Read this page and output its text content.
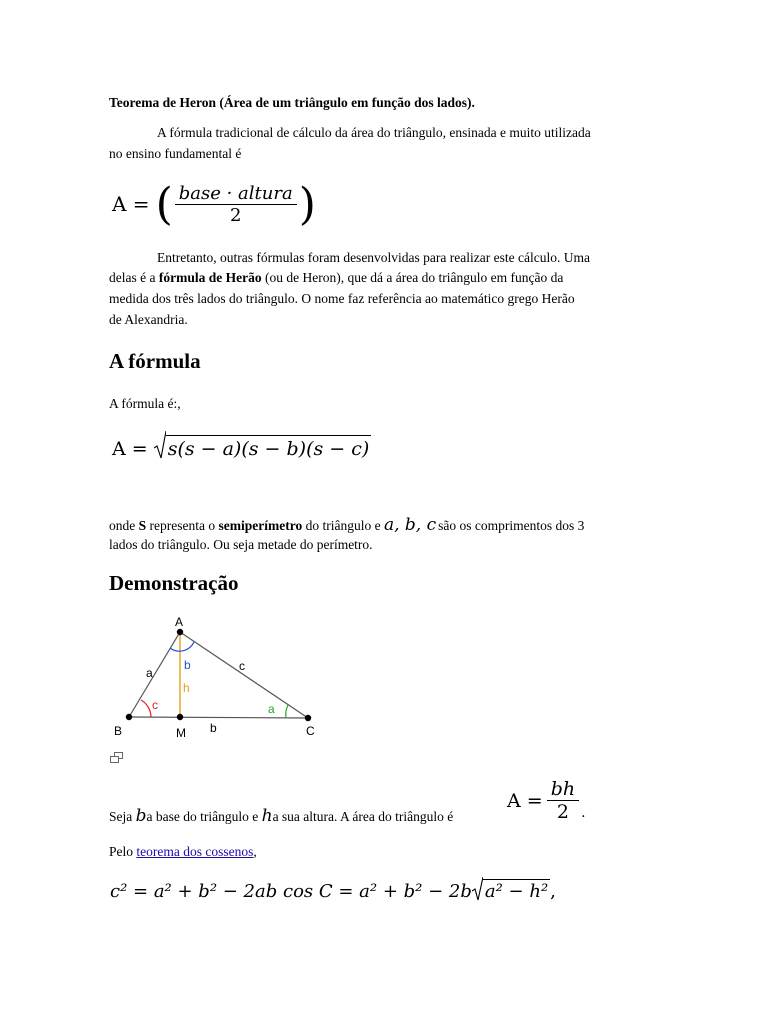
Teorema de Heron (Área de um triângulo em função dos lados).
A fórmula tradicional de cálculo da área do triângulo, ensinada e muito utilizada
no ensino fundamental é
A = ( $\frac{\text{base · altura}}{2}$ )
Entretanto, outras fórmulas foram desenvolvidas para realizar este cálculo. Uma
delas é a fórmula de Herão (ou de Heron), que dá a área do triângulo em função da
medida dos três lados do triângulo. O nome faz referência ao matemático grego Herão
de Alexandria.
A fórmula
A fórmula é:,
A = s(s − a)(s − b)(s − c)
onde S representa o semiperímetro do triângulo e a, b, c são os comprimentos dos 3
lados do triângulo. Ou seja metade do perímetro.
Demonstração
A
B	M	C
a	c
b
h
b
c	a
Seja ba base do triângulo e ha sua altura. A área do triângulo é
$A = \frac{bh}{2}$ .
Pelo teorema dos cossenos,
c² = a² + b² − 2ab cos C = a² + b² − 2b a² − h² ,
